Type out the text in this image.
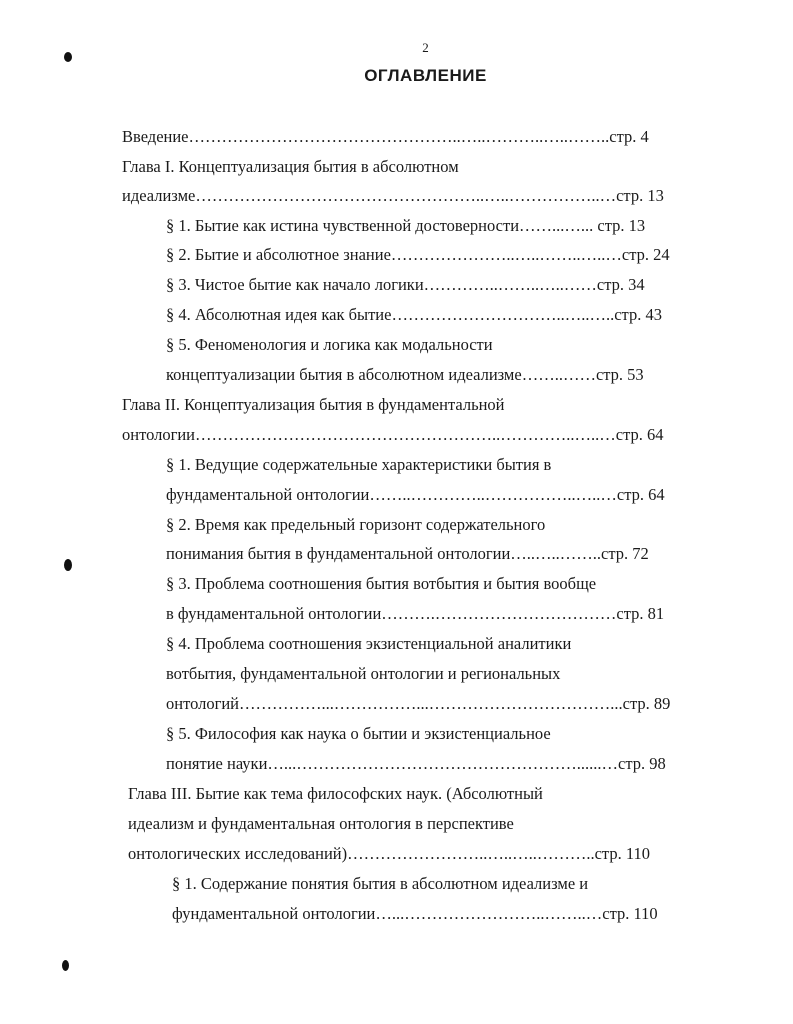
2
ОГЛАВЛЕНИЕ
Введение…………………………………………..…..………..…..……..стр. 4
Глава I. Концептуализация бытия в абсолютном
идеализме……………………………………………..…..……………..…стр. 13
§ 1. Бытие как истина чувственной достоверности……...…... стр. 13
§ 2. Бытие и абсолютное знание…………………..…..……..…..…стр. 24
§ 3. Чистое бытие как начало логики…………..……..…..……стр. 34
§ 4. Абсолютная идея как бытие…………………………..…..…..стр. 43
§ 5. Феноменология и логика как модальности
концептуализации бытия в абсолютном идеализме……..……стр. 53
Глава II. Концептуализация бытия в фундаментальной
онтологии………………………………………………..…………..…..…стр. 64
§ 1. Ведущие содержательные характеристики бытия в
фундаментальной онтологии……..…………..……………..…..…стр. 64
§ 2. Время как предельный горизонт содержательного
понимания бытия в фундаментальной онтологии…..…..……..стр. 72
§ 3. Проблема соотношения бытия вотбытия и бытия вообще
в фундаментальной онтологии……….……………………………стр. 81
§ 4. Проблема соотношения экзистенциальной аналитики
вотбытия, фундаментальной онтологии и региональных
онтологий……………...……………...……………………………...стр. 89
§ 5. Философия как наука о бытии и экзистенциальное
понятие науки…...……………………………………………......…стр. 98
Глава III. Бытие как тема философских наук. (Абсолютный
идеализм и фундаментальная онтология в перспективе
онтологических исследований)……………………..…..…..………..стр. 110
§ 1. Содержание понятия бытия в абсолютном идеализме и
фундаментальной онтологии…...……………………..……..…стр. 110
